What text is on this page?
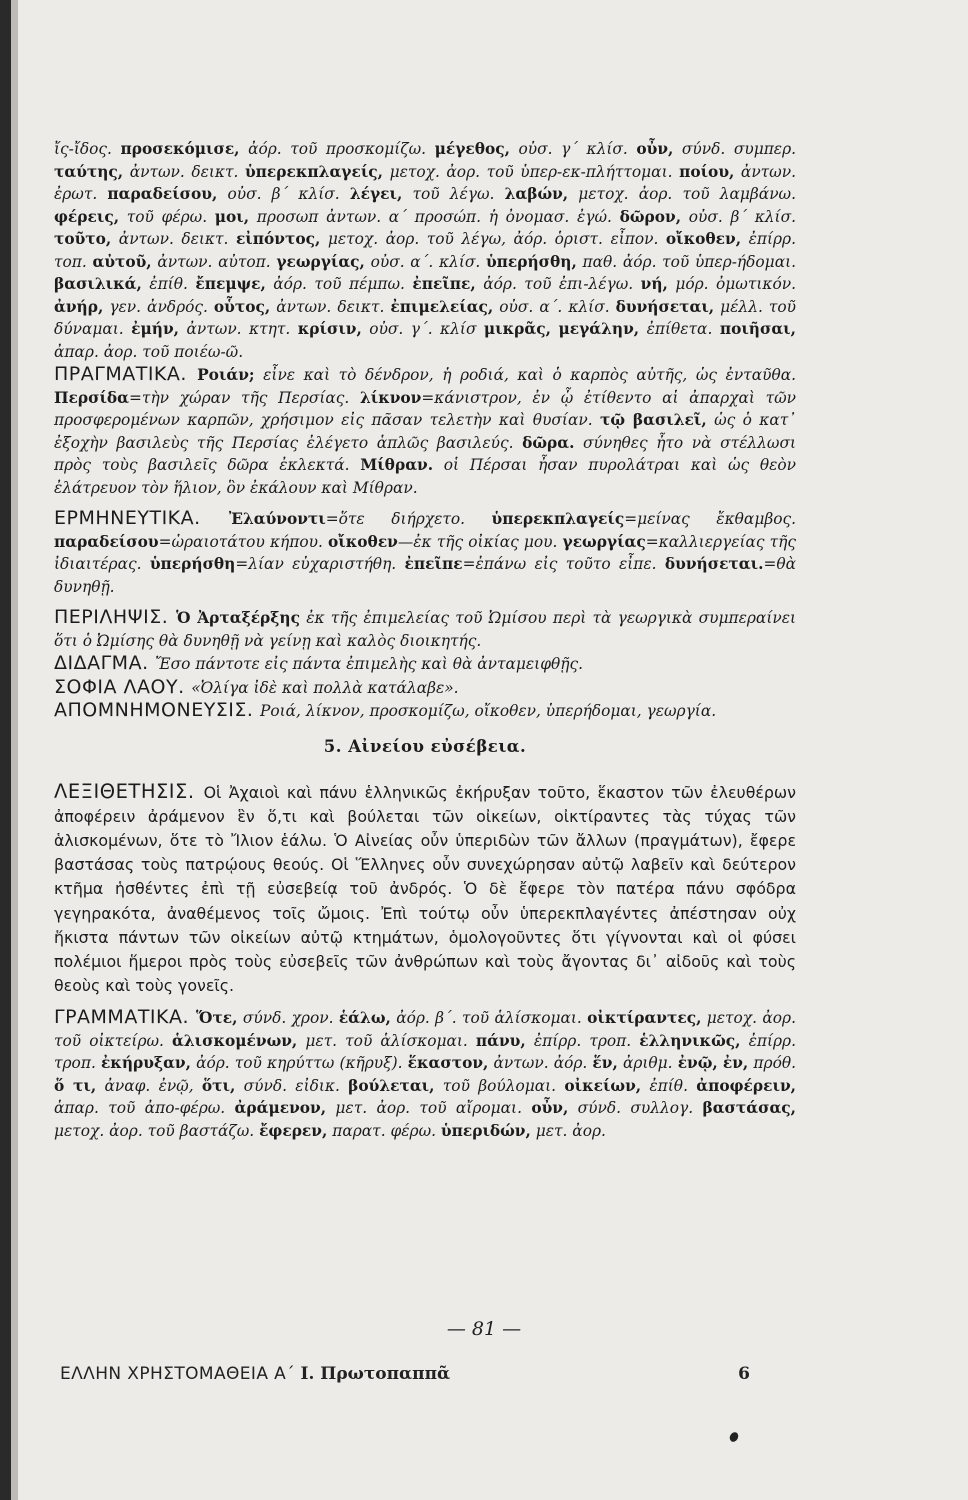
ἴς-ἴδος. προσεκόμισε, ἀόρ. τοῦ προσκομίζω. μέγεθος, οὐσ. γ΄ κλίσ. οὖν, σύνδ. συμπερ. ταύτης, ἀντων. δεικτ. ὑπερεκπλαγείς, μετοχ. ἀορ. τοῦ ὑπερ-εκ-πλήττομαι. ποίου, ἀντων. ἐρωτ. παραδείσου, οὐσ. β΄ κλίσ. λέγει, τοῦ λέγω. λαβών, μετοχ. ἀορ. τοῦ λαμβάνω. φέρεις, τοῦ φέρω. μοι, προσωπ ἀντων. α΄ προσώπ. ἡ ὀνομασ. ἐγώ. δῶρον, οὐσ. β΄ κλίσ. τοῦτο, ἀντων. δεικτ. εἰπόντος, μετοχ. ἀορ. τοῦ λέγω, ἀόρ. ὁριστ. εἶπον. οἴκοθεν, ἐπίρρ. τοπ. αὐτοῦ, ἀντων. αὐτοπ. γεωργίας, οὐσ. α΄. κλίσ. ὑπερήσθη, παθ. ἀόρ. τοῦ ὑπερ-ήδομαι. βασιλικά, ἐπίθ. ἔπεμψε, ἀόρ. τοῦ πέμπω. ἐπεῖπε, ἀόρ. τοῦ ἐπι-λέγω. νή, μόρ. ὀμωτικόν. ἀνήρ, γεν. ἀνδρός. οὗτος, ἀντων. δεικτ. ἐπιμελείας, οὐσ. α΄. κλίσ. δυνήσεται, μέλλ. τοῦ δύναμαι. ἐμήν, ἀντων. κτητ. κρίσιν, οὐσ. γ΄. κλίσ μικρᾶς, μεγάλην, ἐπίθετα. ποιῆσαι, ἀπαρ. ἀορ. τοῦ ποιέω-ῶ.

ΠΡΑΓΜΑΤΙΚΑ. Ροιάν; εἶνε καὶ τὸ δένδρον, ἡ ροδιά, καὶ ὁ καρπὸς αὐτῆς, ὡς ἐνταῦθα. Περσίδα=τὴν χώραν τῆς Περσίας. λίκνον=κάνιστρον, ἐν ᾧ ἐτίθεντο αἱ ἀπαρχαὶ τῶν προσφερομένων καρπῶν, χρήσιμον εἰς πᾶσαν τελετὴν καὶ θυσίαν. τῷ βασιλεῖ, ὡς ὁ κατ᾽ ἐξοχὴν βασιλεὺς τῆς Περσίας ἐλέγετο ἁπλῶς βασιλεύς. δῶρα. σύνηθες ἦτο νὰ στέλλωσι πρὸς τοὺς βασιλεῖς δῶρα ἐκλεκτά. Μίθραν. οἱ Πέρσαι ἦσαν πυρολάτραι καὶ ὡς θεὸν ἐλάτρευον τὸν ἥλιον, ὃν ἐκάλουν καὶ Μίθραν.

ΕΡΜΗΝΕΥΤΙΚΑ. Ἐλαύνοντι=ὅτε διήρχετο. ὑπερεκπλαγείς=μείνας ἔκθαμβος. παραδείσου=ὡραιοτάτου κήπου. οἴκοθεν—ἐκ τῆς οἰκίας μου. γεωργίας=καλλιεργείας τῆς ἰδιαιτέρας. ὑπερήσθη=λίαν εὐχαριστήθη. ἐπεῖπε=ἐπάνω εἰς τοῦτο εἶπε. δυνήσεται.=θὰ δυνηθῇ.

ΠΕΡΙΛΗΨΙΣ. Ὁ Ἀρταξέρξης ἐκ τῆς ἐπιμελείας τοῦ Ὠμίσου περὶ τὰ γεωργικὰ συμπεραίνει ὅτι ὁ Ὠμίσης θὰ δυνηθῇ νὰ γείνῃ καὶ καλὸς διοικητής.

ΔΙΔΑΓΜΑ. Ἔσο πάντοτε εἰς πάντα ἐπιμελὴς καὶ θὰ ἀνταμειφθῇς.

ΣΟΦΙΑ ΛΑΟΥ. «Ὀλίγα ἰδὲ καὶ πολλὰ κατάλαβε».

ΑΠΟΜΝΗΜΟΝΕΥΣΙΣ. Ροιά, λίκνον, προσκομίζω, οἴκοθεν, ὑπερήδομαι, γεωργία.

5. Αἰνείου εὐσέβεια.

ΛΕΞΙΘΕΤΗΣΙΣ. Οἱ Ἀχαιοὶ καὶ πάνυ ἑλληνικῶς ἐκήρυξαν τοῦτο, ἕκαστον τῶν ἐλευθέρων ἀποφέρειν ἀράμενον ἓν ὅ,τι καὶ βούλεται τῶν οἰκείων, οἰκτίραντες τὰς τύχας τῶν ἁλισκομένων, ὅτε τὸ Ἴλιον ἑάλω. Ὁ Αἰνείας οὖν ὑπεριδὼν τῶν ἄλλων (πραγμάτων), ἔφερε βαστάσας τοὺς πατρῴους θεούς. Οἱ Ἕλληνες οὖν συνεχώρησαν αὐτῷ λαβεῖν καὶ δεύτερον κτῆμα ἡσθέντες ἐπὶ τῇ εὐσεβείᾳ τοῦ ἀνδρός. Ὁ δὲ ἔφερε τὸν πατέρα πάνυ σφόδρα γεγηρακότα, ἀναθέμενος τοῖς ὤμοις. Ἐπὶ τούτῳ οὖν ὑπερεκπλαγέντες ἀπέστησαν οὐχ ἥκιστα πάντων τῶν οἰκείων αὐτῷ κτημάτων, ὁμολογοῦντες ὅτι γίγνονται καὶ οἱ φύσει πολέμιοι ἥμεροι πρὸς τοὺς εὐσεβεῖς τῶν ἀνθρώπων καὶ τοὺς ἄγοντας δι᾽ αἰδοῦς καὶ τοὺς θεοὺς καὶ τοὺς γονεῖς.

ΓΡΑΜΜΑΤΙΚΑ. Ὅτε, σύνδ. χρον. ἑάλω, ἀόρ. β΄. τοῦ ἁλίσκομαι. οἰκτίραντες, μετοχ. ἀορ. τοῦ οἰκτείρω. ἁλισκομένων, μετ. τοῦ ἁλίσκομαι. πάνυ, ἐπίρρ. τροπ. ἑλληνικῶς, ἐπίρρ. τροπ. ἐκήρυξαν, ἀόρ. τοῦ κηρύττω (κῆρυξ). ἕκαστον, ἀντων. ἀόρ. ἕν, ἀριθμ. ἐνῷ, ἐν, πρόθ. ὅ τι, ἀναφ. ἐνῷ, ὅτι, σύνδ. εἰδικ. βούλεται, τοῦ βούλομαι. οἰκείων, ἐπίθ. ἀποφέρειν, ἀπαρ. τοῦ ἀπο-φέρω. ἀράμενον, μετ. ἀορ. τοῦ αἴρομαι. οὖν, σύνδ. συλλογ. βαστάσας, μετοχ. ἀορ. τοῦ βαστάζω. ἔφερεν, παρατ. φέρω. ὑπεριδών, μετ. ἀορ.

— 81 —
ΕΛΛΗΝ ΧΡΗΣΤΟΜΑΘΕΙΑ Α΄ I. Πρωτοπαππᾶ	6
